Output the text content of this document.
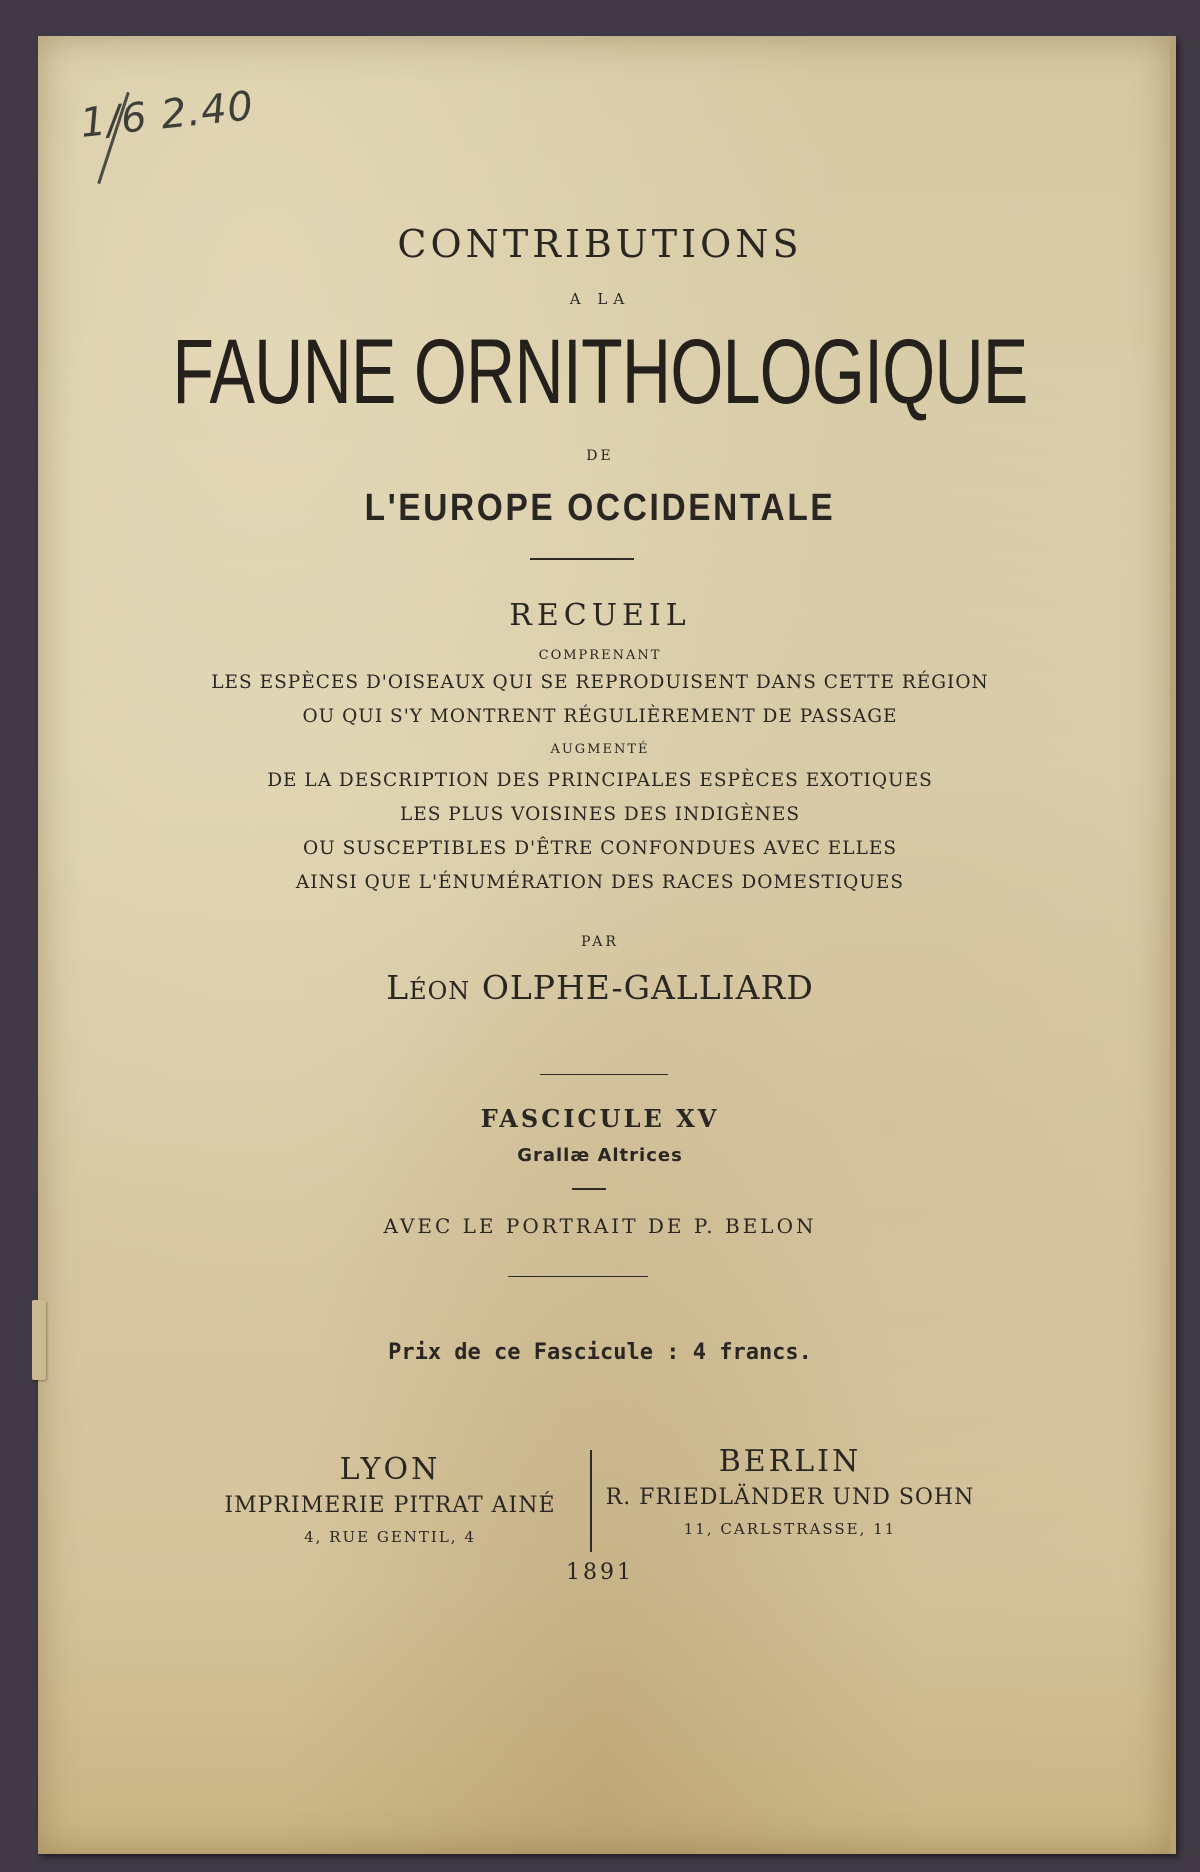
1/6 2.40
CONTRIBUTIONS
A LA
FAUNE ORNITHOLOGIQUE
DE
L'EUROPE OCCIDENTALE
RECUEIL
COMPRENANT
LES ESPÈCES D'OISEAUX QUI SE REPRODUISENT DANS CETTE RÉGION
OU QUI S'Y MONTRENT RÉGULIÈREMENT DE PASSAGE
AUGMENTÉ
DE LA DESCRIPTION DES PRINCIPALES ESPÈCES EXOTIQUES
LES PLUS VOISINES DES INDIGÈNES
OU SUSCEPTIBLES D'ÊTRE CONFONDUES AVEC ELLES
AINSI QUE L'ÉNUMÉRATION DES RACES DOMESTIQUES
PAR
LÉON OLPHE-GALLIARD
FASCICULE XV
Grallæ Altrices
AVEC LE PORTRAIT DE P. BELON
Prix de ce Fascicule : 4 francs.
LYON
IMPRIMERIE PITRAT AINÉ
4, RUE GENTIL, 4
BERLIN
R. FRIEDLÄNDER UND SOHN
11, CARLSTRASSE, 11
1891
